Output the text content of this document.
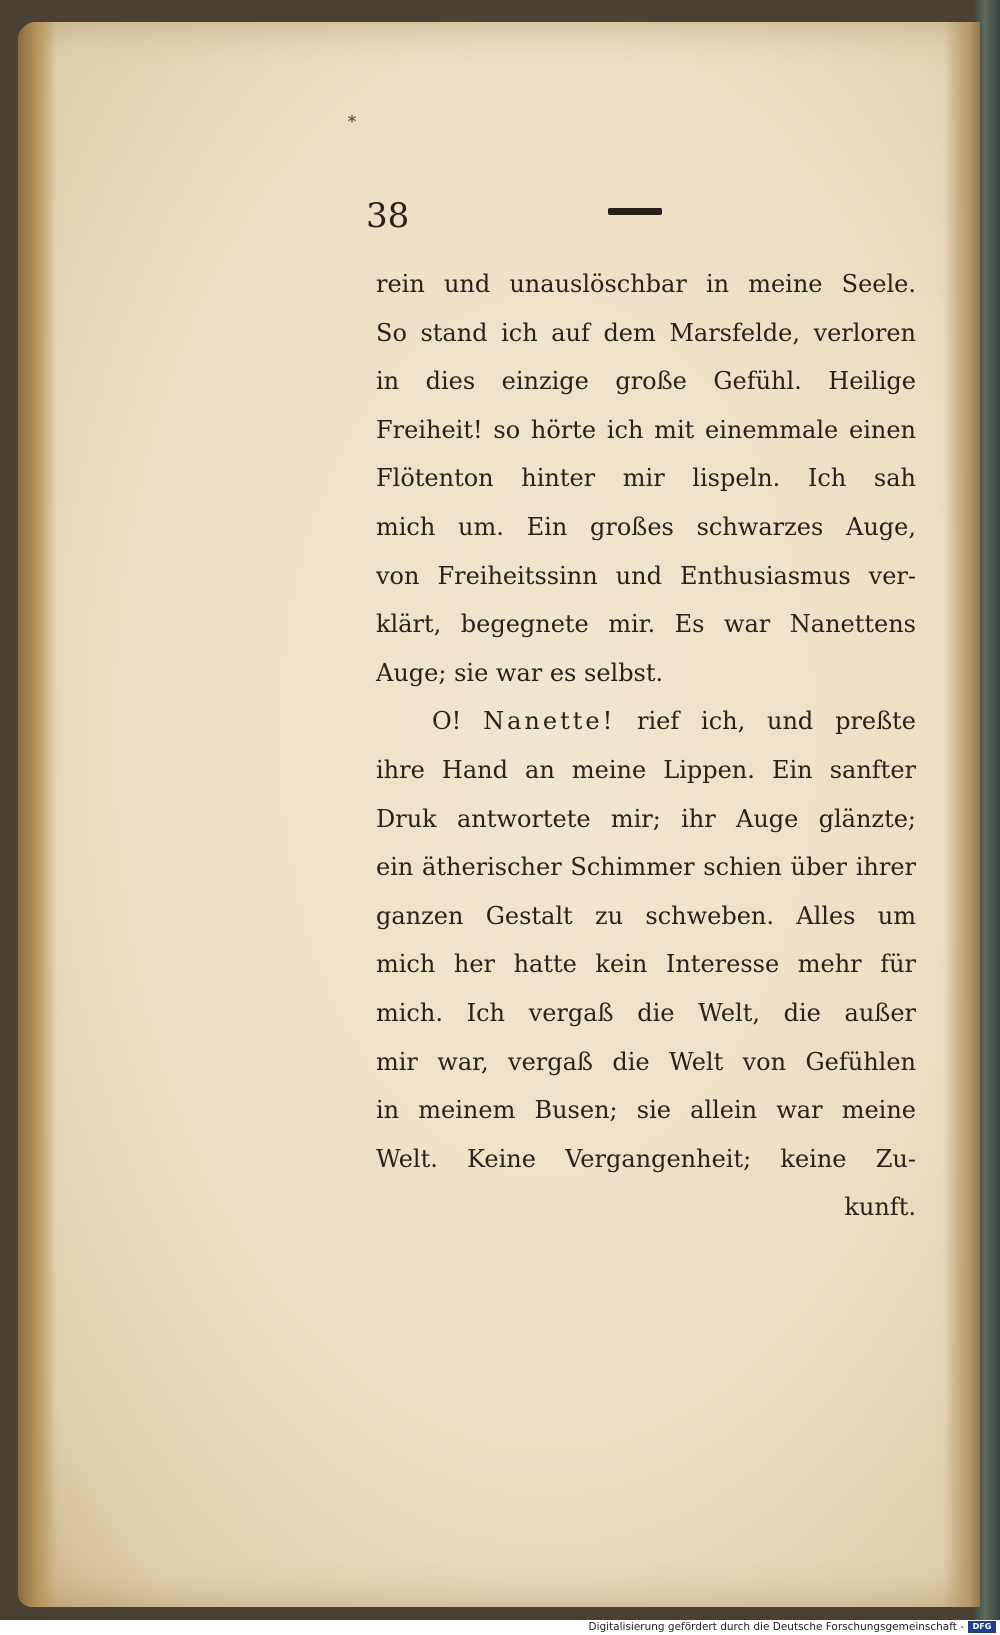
*
38
rein und unauslöschbar in meine Seele.
So stand ich auf dem Marsfelde, verloren
in dies einzige große Gefühl. Heilige
Freiheit! so hörte ich mit einemmale einen
Flötenton hinter mir lispeln. Ich sah
mich um. Ein großes schwarzes Auge,
von Freiheitssinn und Enthusiasmus ver-
klärt, begegnete mir. Es war Nanettens
Auge; sie war es selbst.
O! Nanette! rief ich, und preßte
ihre Hand an meine Lippen. Ein sanfter
Druk antwortete mir; ihr Auge glänzte;
ein ätherischer Schimmer schien über ihrer
ganzen Gestalt zu schweben. Alles um
mich her hatte kein Interesse mehr für
mich. Ich vergaß die Welt, die außer
mir war, vergaß die Welt von Gefühlen
in meinem Busen; sie allein war meine
Welt. Keine Vergangenheit; keine Zu-
kunft.
Digitalisierung gefördert durch die Deutsche Forschungsgemeinschaft -	DFG
